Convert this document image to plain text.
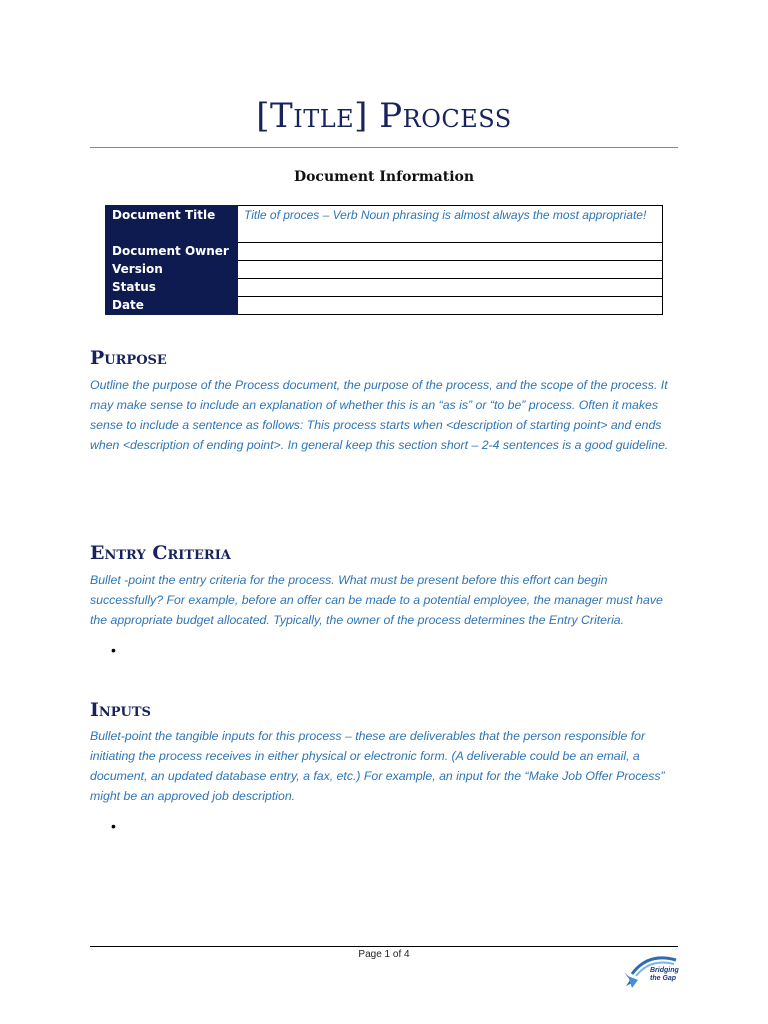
[Title] Process
Document Information
Document Title	Title of proces – Verb Noun phrasing is almost always the most appropriate!
Document Owner	
Version	
Status	
Date	
Purpose

Outline the purpose of the Process document, the purpose of the process, and the scope of the process. It may make sense to include an explanation of whether this is an “as is” or “to be” process. Often it makes sense to include a sentence as follows: This process starts when <description of starting point> and ends when <description of ending point>. In general keep this section short – 2-4 sentences is a good guideline.

Entry Criteria

Bullet -point the entry criteria for the process. What must be present before this effort can begin successfully? For example, before an offer can be made to a potential employee, the manager must have the appropriate budget allocated. Typically, the owner of the process determines the Entry Criteria.

•
Inputs

Bullet-point the tangible inputs for this process – these are deliverables that the person responsible for initiating the process receives in either physical or electronic form. (A deliverable could be an email, a document, an updated database entry, a fax, etc.) For example, an input for the “Make Job Offer Process” might be an approved job description.

•
Page 1 of 4
Bridging
the Gap
